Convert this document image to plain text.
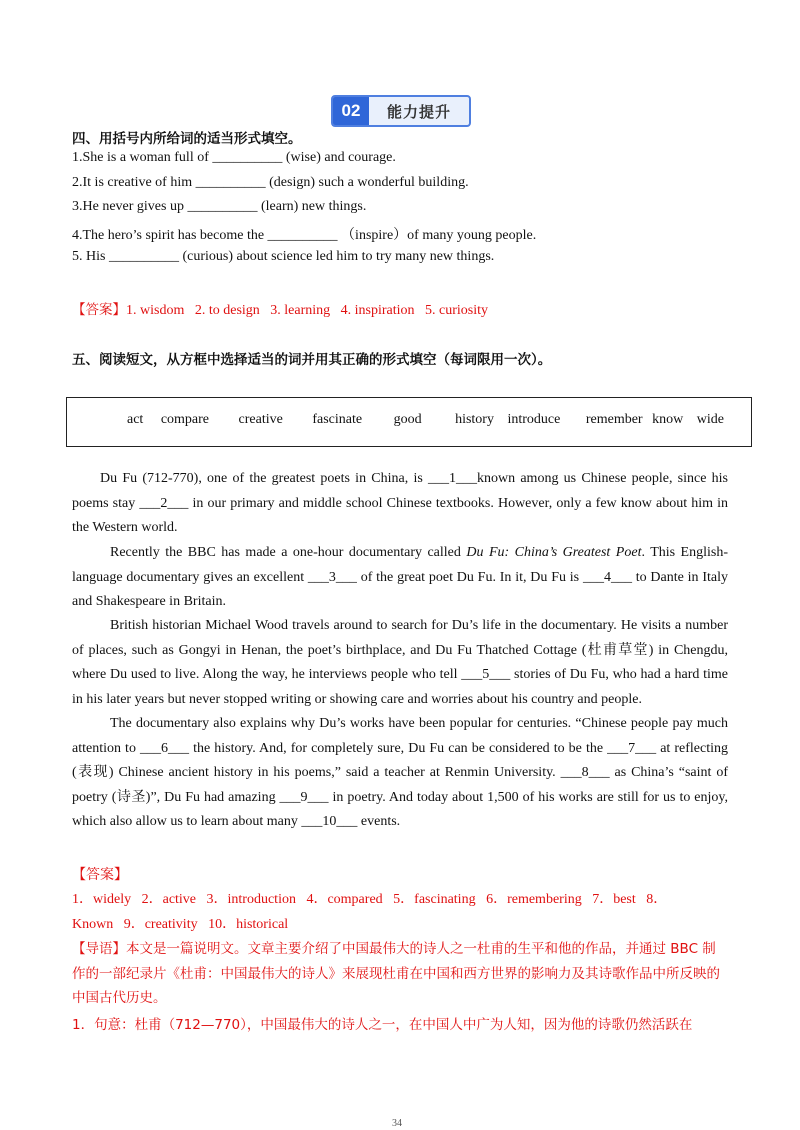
02	能力提升
四、用括号内所给词的适当形式填空。
1.She is a woman full of __________ (wise) and courage.
2.It is creative of him __________ (design) such a wonderful building.
3.He never gives up __________ (learn) new things.
4.The hero’s spirit has become the __________ （inspire）of many young people.
5. His __________ (curious) about science led him to try many new things.
【答案】1. wisdom   2. to design   3. learning   4. inspiration   5. curiosity
五、阅读短文，从方框中选择适当的词并用其正确的形式填空（每词限用一次）。
act compare creative fascinate good history introduce remember know wide
Du Fu (712-770), one of the greatest poets in China, is ___1___known among us Chinese people, since his poems stay ___2___ in our primary and middle school Chinese textbooks. However, only a few know about him in the Western world.
Recently the BBC has made a one-hour documentary called Du Fu: China’s Greatest Poet. This English-language documentary gives an excellent ___3___ of the great poet Du Fu. In it, Du Fu is ___4___ to Dante in Italy and Shakespeare in Britain.
British historian Michael Wood travels around to search for Du’s life in the documentary. He visits a number of places, such as Gongyi in Henan, the poet’s birthplace, and Du Fu Thatched Cottage (杜甫草堂) in Chengdu, where Du used to live. Along the way, he interviews people who tell ___5___ stories of Du Fu, who had a hard time in his later years but never stopped writing or showing care and worries about his country and people.
The documentary also explains why Du’s works have been popular for centuries. “Chinese people pay much attention to ___6___ the history. And, for completely sure, Du Fu can be considered to be the ___7___ at reflecting (表现) Chinese ancient history in his poems,” said a teacher at Renmin University. ___8___ as China’s “saint of poetry (诗圣)”, Du Fu had amazing ___9___ in poetry. And today about 1,500 of his works are still for us to enjoy, which also allow us to learn about many ___10___ events.
【答案】
1．widely   2．active   3．introduction   4．compared   5．fascinating   6．remembering   7．best   8．
Known   9．creativity   10．historical
【导语】本文是一篇说明文。文章主要介绍了中国最伟大的诗人之一杜甫的生平和他的作品，并通过 BBC 制作的一部纪录片《杜甫：中国最伟大的诗人》来展现杜甫在中国和西方世界的影响力及其诗歌作品中所反映的中国古代历史。
1．句意：杜甫（712—770），中国最伟大的诗人之一，在中国人中广为人知，因为他的诗歌仍然活跃在
34
